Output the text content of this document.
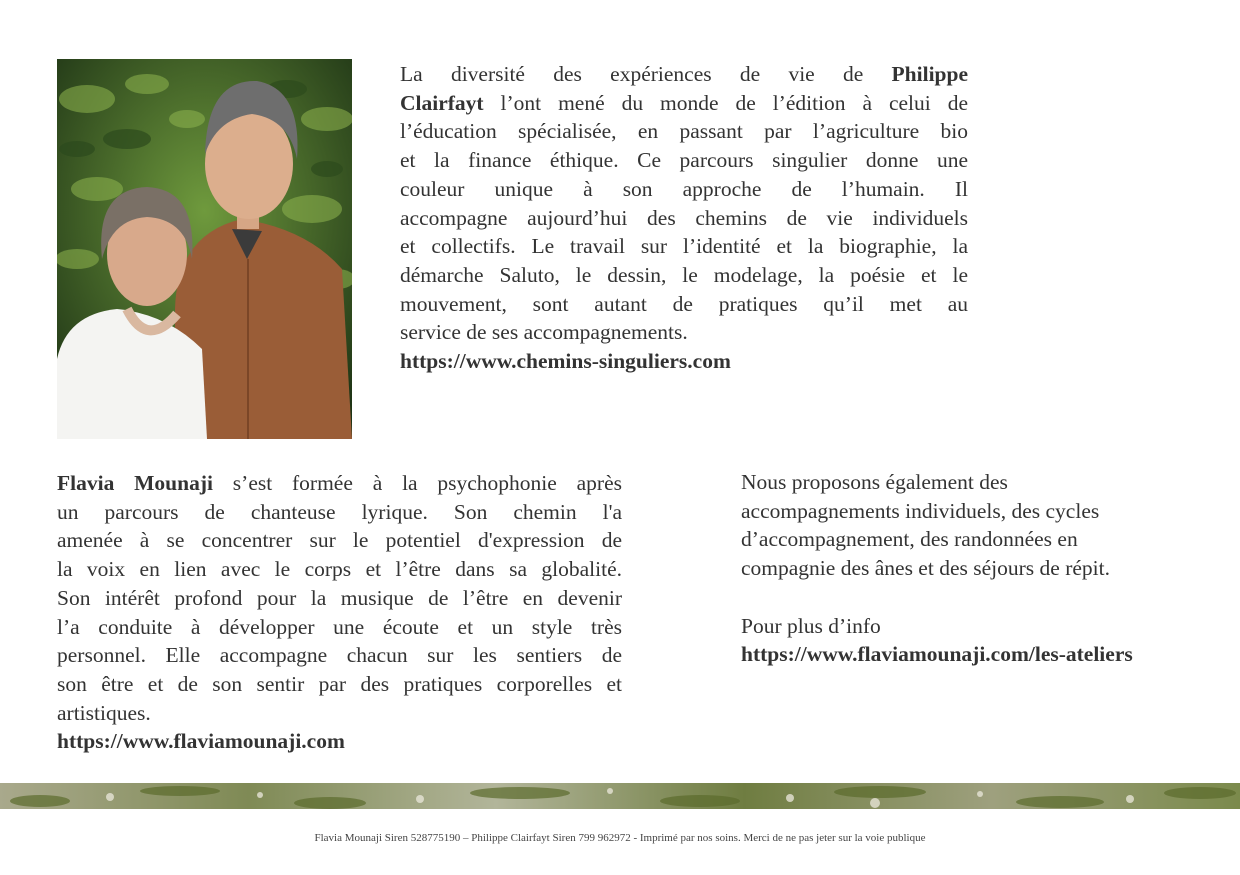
La diversité des expériences de vie de Philippe
Clairfayt l’ont mené du monde de l’édition à celui de
l’éducation spécialisée, en passant par l’agriculture bio
et la finance éthique. Ce parcours singulier donne une
couleur unique à son approche de l’humain. Il
accompagne aujourd’hui des chemins de vie individuels
et collectifs. Le travail sur l’identité et la biographie, la
démarche Saluto, le dessin, le modelage, la poésie et le
mouvement, sont autant de pratiques qu’il met au
service de ses accompagnements.
https://www.chemins-singuliers.com
Flavia Mounaji s’est formée à la psychophonie après
un parcours de chanteuse lyrique. Son chemin l'a
amenée à se concentrer sur le potentiel d'expression de
la voix en lien avec le corps et l’être dans sa globalité.
Son intérêt profond pour la musique de l’être en devenir
l’a conduite à développer une écoute et un style très
personnel. Elle accompagne chacun sur les sentiers de
son être et de son sentir par des pratiques corporelles et
artistiques.
https://www.flaviamounaji.com
Nous proposons également des
accompagnements individuels, des cycles
d’accompagnement, des randonnées en
compagnie des ânes et des séjours de répit.
Pour plus d’info
https://www.flaviamounaji.com/les-ateliers
Flavia Mounaji Siren 528775190 – Philippe Clairfayt Siren 799 962972 - Imprimé par nos soins. Merci de ne pas jeter sur la voie publique
